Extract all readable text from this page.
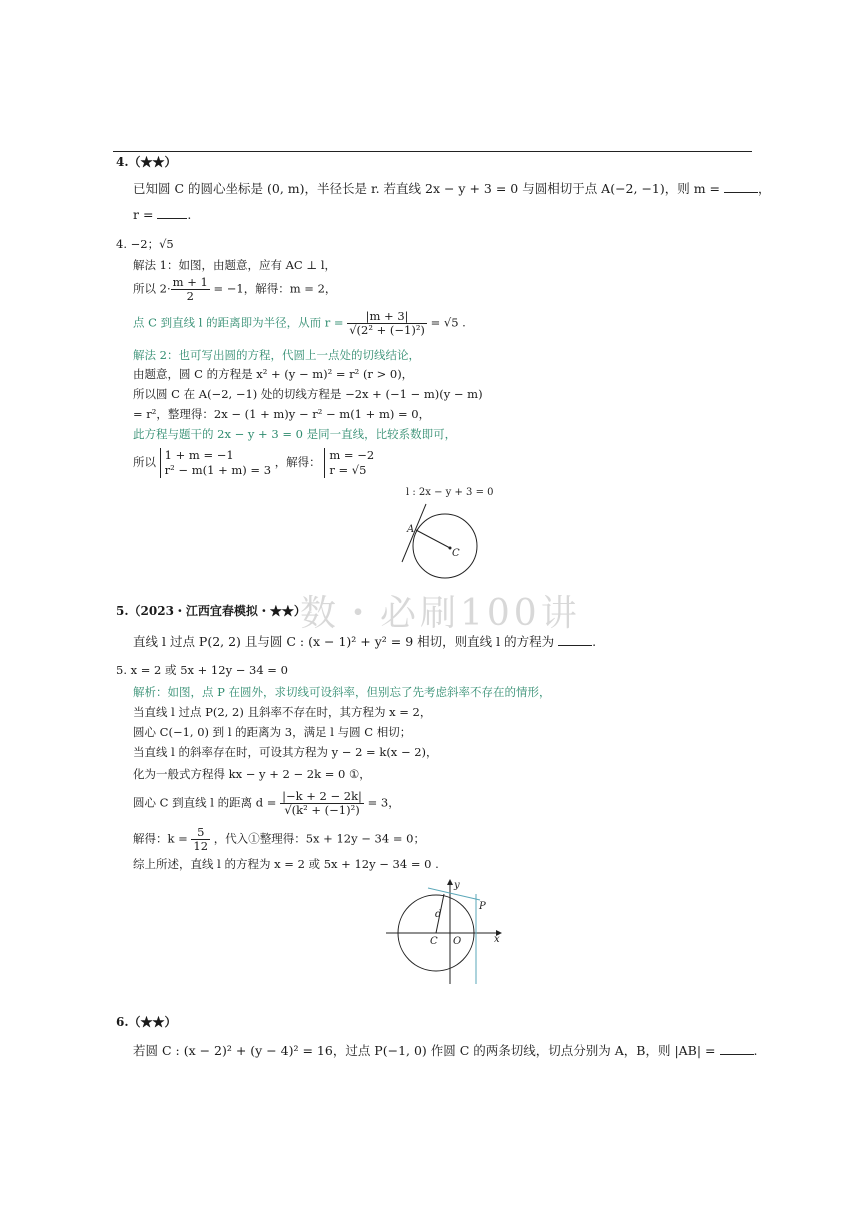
数・必刷100讲
4.（★★）
已知圆 C 的圆心坐标是 (0, m)，半径长是 r. 若直线 2x − y + 3 = 0 与圆相切于点 A(−2, −1)，则 m =	，
r =	.
4. −2；√5
解法 1：如图，由题意，应有 AC ⊥ l，
所以 $2\cdot \frac{m + 1}{2} = -1$，解得：m = 2，
点 C 到直线 l 的距离即为半径，从而 $r = \frac{|m + 3|}{\text{√(2² + (−1)²)}} = √5$ .
解法 2：也可写出圆的方程，代圆上一点处的切线结论，
由题意，圆 C 的方程是 x² + (y − m)² = r² (r > 0)，
所以圆 C 在 A(−2, −1) 处的切线方程是 −2x + (−1 − m)(y − m)
= r²，整理得：2x − (1 + m)y − r² − m(1 + m) = 0，
此方程与题干的 2x − y + 3 = 0 是同一直线，比较系数即可，
所以 1 + m = −1
r² − m(1 + m) = 3
，解得： m = −2
r = √5
l : 2x − y + 3 = 0
A
C
5.（2023・江西宜春模拟・★★）
直线 l 过点 P(2, 2) 且与圆 C : (x − 1)² + y² = 9 相切，则直线 l 的方程为	.
5. x = 2 或 5x + 12y − 34 = 0
解析：如图，点 P 在圆外，求切线可设斜率，但别忘了先考虑斜率不存在的情形，
当直线 l 过点 P(2, 2) 且斜率不存在时，其方程为 x = 2，
圆心 C(−1, 0) 到 l 的距离为 3，满足 l 与圆 C 相切；
当直线 l 的斜率存在时，可设其方程为 y − 2 = k(x − 2)，
化为一般式方程得 kx − y + 2 − 2k = 0 ①，
圆心 C 到直线 l 的距离 $d = \frac{|-k + 2 - 2k|}{\text{√(k² + (−1)²)}} = 3$，
解得：$k = \frac{5}{12}$ ，代入①整理得：5x + 12y − 34 = 0；
综上所述，直线 l 的方程为 x = 2 或 5x + 12y − 34 = 0 .
y
x
P
d
C O
6.（★★）
若圆 C : (x − 2)² + (y − 4)² = 16，过点 P(−1, 0) 作圆 C 的两条切线，切点分别为 A，B，则 |AB| =	.
